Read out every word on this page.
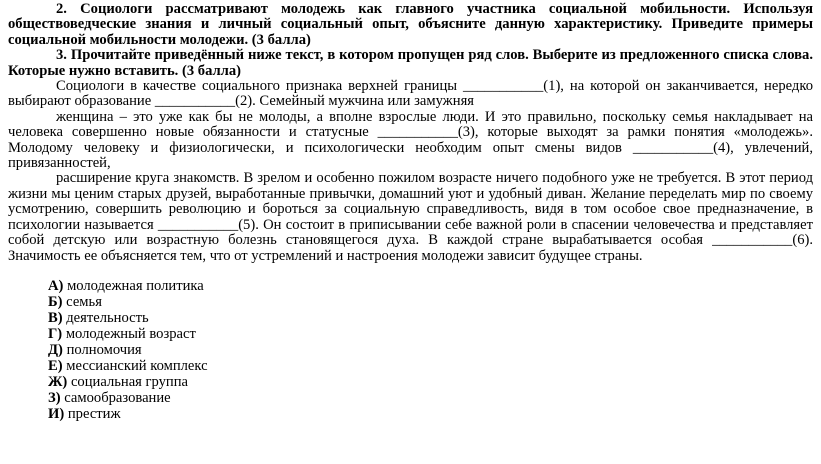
2. Социологи рассматривают молодежь как главного участника социальной мобильности. Используя обществоведческие знания и личный социальный опыт, объясните данную характеристику. Приведите примеры социальной мобильности молодежи. (3 балла)
3. Прочитайте приведённый ниже текст, в котором пропущен ряд слов. Выберите из предложенного списка слова. Которые нужно вставить. (3 балла)
Социологи в качестве социального признака верхней границы ___________(1), на которой он заканчивается, нередко выбирают образование ___________(2). Семейный мужчина или замужняя
женщина – это уже как бы не молоды, а вполне взрослые люди. И это правильно, поскольку семья накладывает на человека совершенно новые обязанности и статусные ___________(3), которые выходят за рамки понятия «молодежь». Молодому человеку и физиологически, и психологически необходим опыт смены видов ___________(4), увлечений, привязанностей,
расширение круга знакомств. В зрелом и особенно пожилом возрасте ничего подобного уже не требуется. В этот период жизни мы ценим старых друзей, выработанные привычки, домашний уют и удобный диван. Желание переделать мир по своему усмотрению, совершить революцию и бороться за социальную справедливость, видя в том особое свое предназначение, в психологии называется ___________(5). Он состоит в приписывании себе важной роли в спасении человечества и представляет собой детскую или возрастную болезнь становящегося духа. В каждой стране вырабатывается особая ___________(6). Значимость ее объясняется тем, что от устремлений и настроения молодежи зависит будущее страны.
А) молодежная политика
Б) семья
В) деятельность
Г) молодежный возраст
Д) полномочия
Е) мессианский комплекс
Ж) социальная группа
З) самообразование
И) престиж
